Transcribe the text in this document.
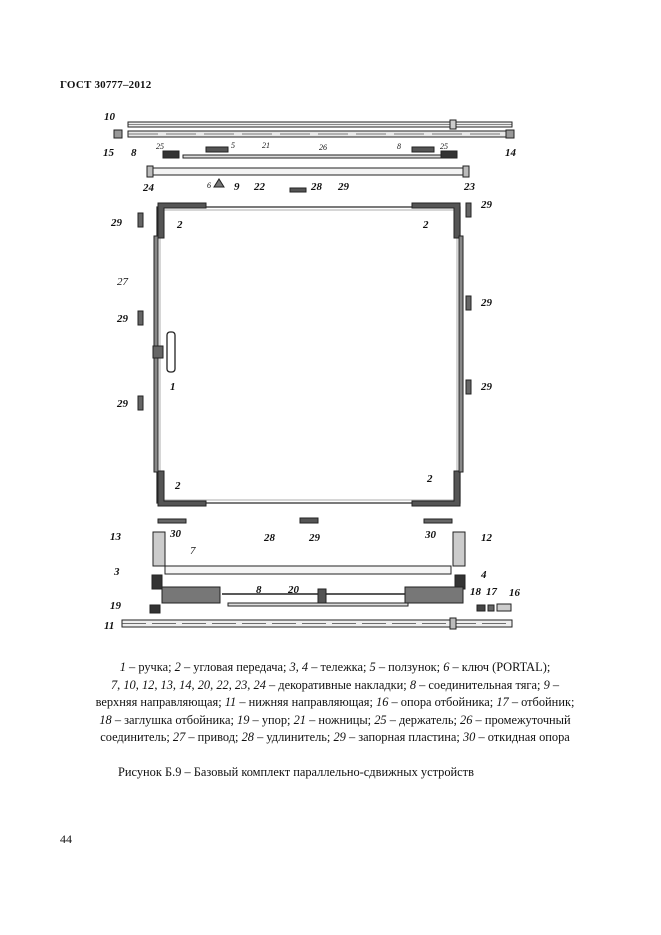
ГОСТ 30777–2012
10
15 8
25	5	21	26	8	25
14
24	6 9 22	28 29	23
29
2	2
29
27
29
29
1	29
29
2
2
13	30
7
28	29	30	12
3	4
8 20	18 17 16
19
11
1 – ручка; 2 – угловая передача; 3, 4 – тележка; 5 – ползунок; 6 – ключ (PORTAL);
7, 10, 12, 13, 14, 20, 22, 23, 24 – декоративные накладки; 8 – соединительная тяга; 9 –
верхняя направляющая; 11 – нижняя направляющая; 16 – опора отбойника; 17 – отбойник;
18 – заглушка отбойника; 19 – упор; 21 – ножницы; 25 – держатель; 26 – промежуточный
соединитель; 27 – привод; 28 – удлинитель; 29 – запорная пластина; 30 – откидная опора
Рисунок Б.9 – Базовый комплект параллельно-сдвижных устройств
44
